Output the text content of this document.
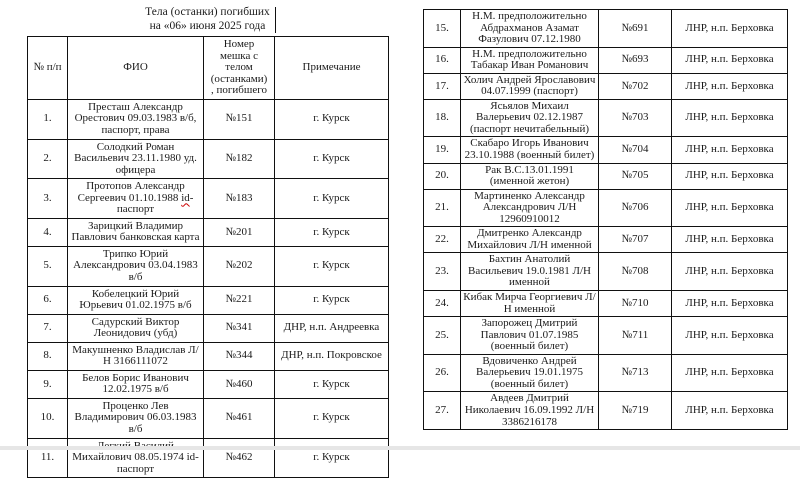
Тела (останки) погибших
на «06» июня 2025 года
№ п/п	ФИО	Номер мешка с телом (останками), погибшего	Примечание
1.	Престаш Александр Орестович 09.03.1983 в/б, паспорт, права	№151	г. Курск
2.	Солодкий Роман Васильевич 23.11.1980 уд. офицера	№182	г. Курск
3.	Протопов Александр Сергеевич 01.10.1988 id-паспорт	№183	г. Курск
4.	Зарицкий Владимир Павлович банковская карта	№201	г. Курск
5.	Трипко Юрий Александрович 03.04.1983 в/б	№202	г. Курск
6.	Кобелецкий Юрий Юрьевич 01.02.1975 в/б	№221	г. Курск
7.	Садурский Виктор Леонидович (убд)	№341	ДНР, н.п. Андреевка
8.	Макушненко Владислав Л/Н 3166111072	№344	ДНР, н.п. Покровское
9.	Белов Борис Иванович 12.02.1975 в/б	№460	г. Курск
10.	Проценко Лев Владимирович 06.03.1983 в/б	№461	г. Курск
11.	Михайлович 08.05.1974 id-паспорт	№462	г. Курск
15.	Н.М. предположительно Абдрахманов Азамат Фазулович 07.12.1980	№691	ЛНР, н.п. Берховка
16.	Н.М. предположительно Табакар Иван Романович	№693	ЛНР, н.п. Берховка
17.	Холич Андрей Ярославович 04.07.1999 (паспорт)	№702	ЛНР, н.п. Берховка
18.	Ясьялов Михаил Валерьевич 02.12.1987 (паспорт нечитабельный)	№703	ЛНР, н.п. Берховка
19.	Скабаро Игорь Иванович 23.10.1988 (военный билет)	№704	ЛНР, н.п. Берховка
20.	Рак В.С.13.01.1991 (именной жетон)	№705	ЛНР, н.п. Берховка
21.	Мартиненко Александр Александрович Л/Н 12960910012	№706	ЛНР, н.п. Берховка
22.	Дмитренко Александр Михайлович Л/Н именной	№707	ЛНР, н.п. Берховка
23.	Бахтин Анатолий Васильевич 19.0.1981 Л/Н именной	№708	ЛНР, н.п. Берховка
24.	Кибак Мирча Георгиевич Л/Н именной	№710	ЛНР, н.п. Берховка
25.	Запорожец Дмитрий Павлович 01.07.1985 (военный билет)	№711	ЛНР, н.п. Берховка
26.	Вдовиченко Андрей Валерьевич 19.01.1975 (военный билет)	№713	ЛНР, н.п. Берховка
27.	Авдеев Дмитрий Николаевич 16.09.1992 Л/Н 3386216178	№719	ЛНР, н.п. Берховка
